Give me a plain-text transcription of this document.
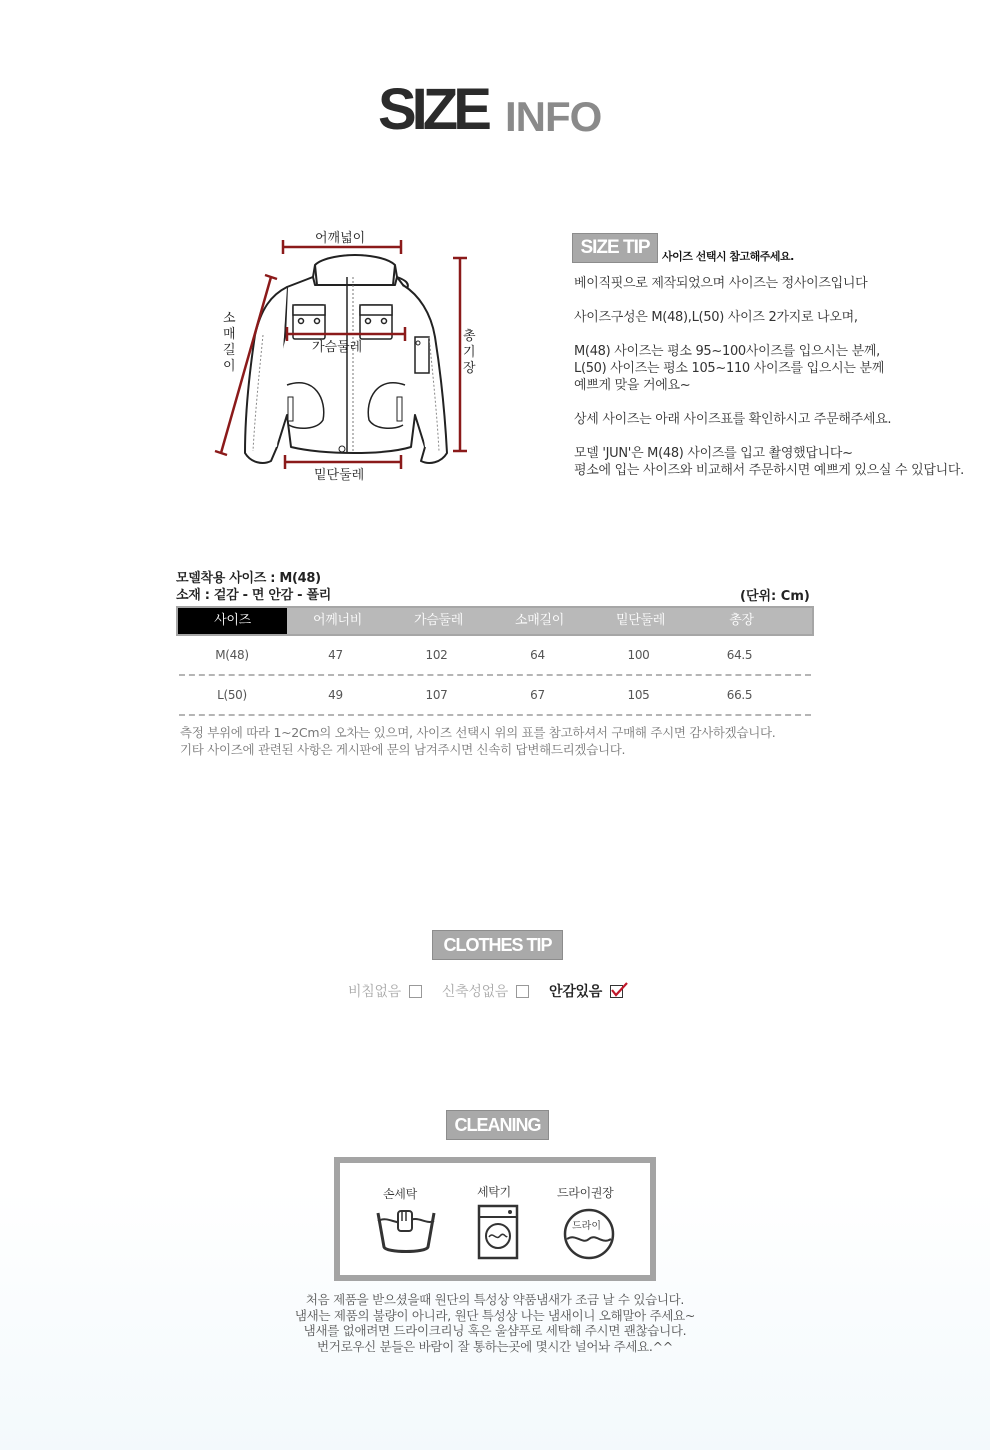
SIZE INFO
어깨넓이
가슴둘레
밑단둘레
소
매
길
이
총
기
장
SIZE TIP	사이즈 선택시 참고해주세요.

베이직핏으로 제작되었으며 사이즈는 정사이즈입니다

사이즈구성은 M(48),L(50) 사이즈 2가지로 나오며,

M(48) 사이즈는 평소 95~100사이즈를 입으시는 분께,
L(50) 사이즈는 평소 105~110 사이즈를 입으시는 분께
예쁘게 맞을 거에요~

상세 사이즈는 아래 사이즈표를 확인하시고 주문해주세요.

모델 'JUN'은 M(48) 사이즈를 입고 촬영했답니다~
평소에 입는 사이즈와 비교해서 주문하시면 예쁘게 있으실 수 있답니다.

모델착용 사이즈 : M(48)
소재 : 겉감 - 면 안감 - 폴리	(단위: Cm)
사이즈	어께너비	가슴둘레	소매길이	밑단둘레	총장
M(48)	47	102	64	100	64.5
L(50)	49	107	67	105	66.5
측정 부위에 따라 1~2Cm의 오차는 있으며, 사이즈 선택시 위의 표를 참고하셔서 구매해 주시면 감사하겠습니다.
기타 사이즈에 관련된 사항은 게시판에 문의 남겨주시면 신속히 답변해드리겠습니다.
CLOTHES TIP
비침없음	신축성없음	안감있음
CLEANING
손세탁	세탁기	드라이권장
드라이
처음 제품을 받으셨을때 원단의 특성상 약품냄새가 조금 날 수 있습니다.
냄새는 제품의 불량이 아니라, 원단 특성상 나는 냄새이니 오해말아 주세요~
냄새를 없애려면 드라이크리닝 혹은 울샴푸로 세탁해 주시면 괜찮습니다.
번거로우신 분들은 바람이 잘 통하는곳에 몇시간 널어놔 주세요.^^
